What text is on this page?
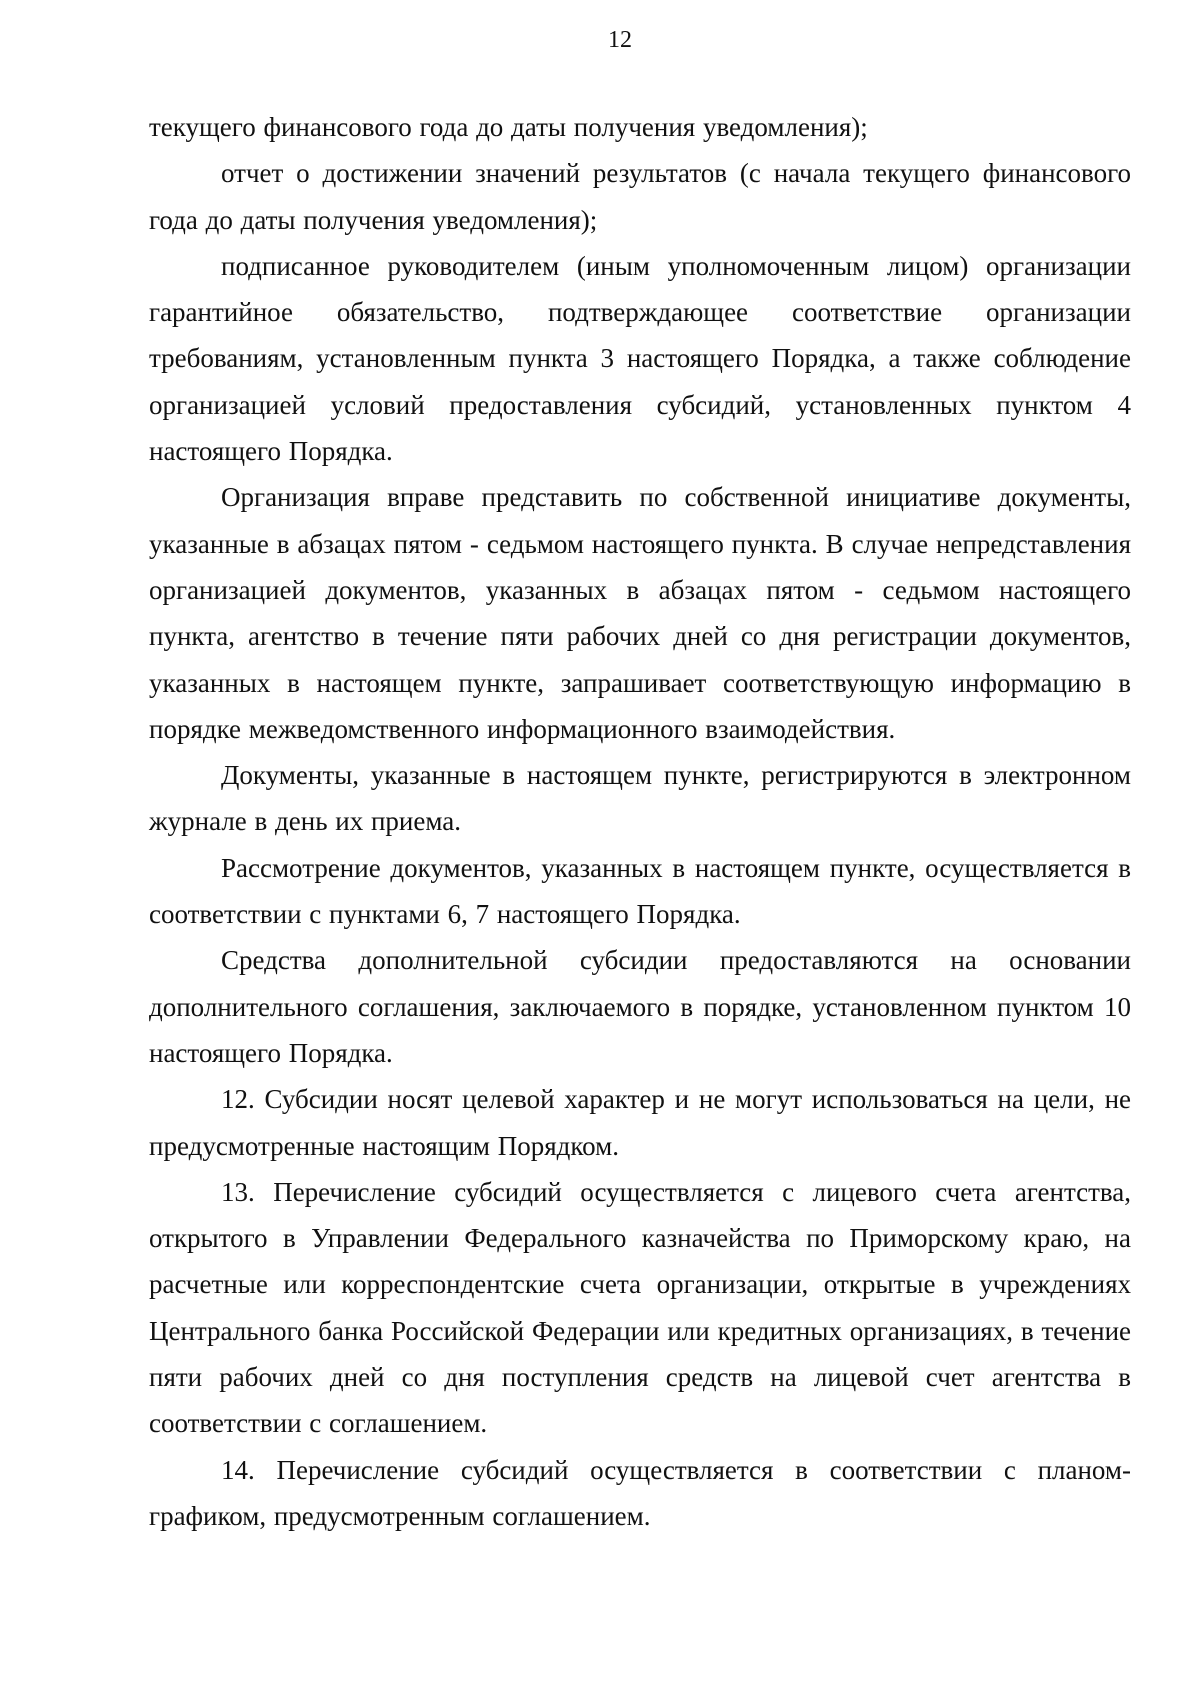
12

текущего финансового года до даты получения уведомления);

отчет о достижении значений результатов (с начала текущего финансового года до даты получения уведомления);

подписанное руководителем (иным уполномоченным лицом) организации гарантийное обязательство, подтверждающее соответствие организации требованиям, установленным пункта 3 настоящего Порядка, а также соблюдение организацией условий предоставления субсидий, установленных пунктом 4 настоящего Порядка.

Организация вправе представить по собственной инициативе документы, указанные в абзацах пятом - седьмом настоящего пункта. В случае непредставления организацией документов, указанных в абзацах пятом - седьмом настоящего пункта, агентство в течение пяти рабочих дней со дня регистрации документов, указанных в настоящем пункте, запрашивает соответствующую информацию в порядке межведомственного информационного взаимодействия.

Документы, указанные в настоящем пункте, регистрируются в электронном журнале в день их приема.

Рассмотрение документов, указанных в настоящем пункте, осуществляется в соответствии с пунктами 6, 7 настоящего Порядка.

Средства дополнительной субсидии предоставляются на основании дополнительного соглашения, заключаемого в порядке, установленном пунктом 10 настоящего Порядка.

12. Субсидии носят целевой характер и не могут использоваться на цели, не предусмотренные настоящим Порядком.

13. Перечисление субсидий осуществляется с лицевого счета агентства, открытого в Управлении Федерального казначейства по Приморскому краю, на расчетные или корреспондентские счета организации, открытые в учреждениях Центрального банка Российской Федерации или кредитных организациях, в течение пяти рабочих дней со дня поступления средств на лицевой счет агентства в соответствии с соглашением.

14. Перечисление субсидий осуществляется в соответствии с планом-графиком, предусмотренным соглашением.
